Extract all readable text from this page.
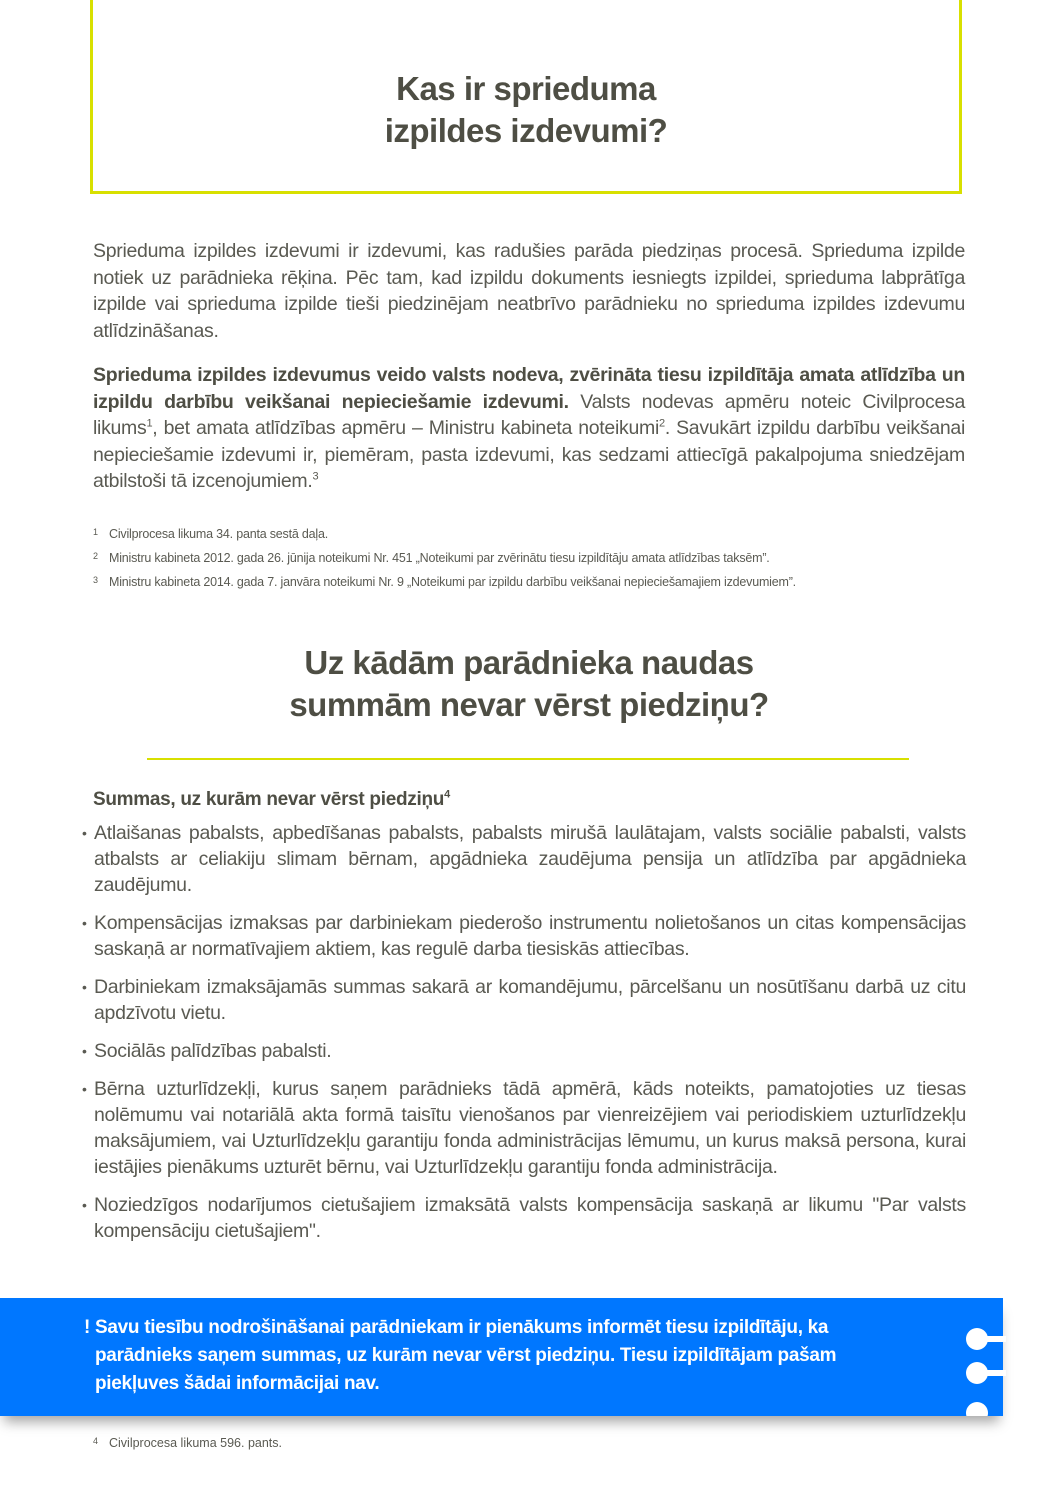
Kas ir sprieduma
izpildes izdevumi?

Sprieduma izpildes izdevumi ir izdevumi, kas radušies parāda piedziņas procesā. Sprieduma izpilde notiek uz parādnieka rēķina. Pēc tam, kad izpildu dokuments iesniegts izpildei, sprieduma labprātīga izpilde vai sprieduma izpilde tieši piedzinējam neatbrīvo parādnieku no sprieduma izpildes izdevumu atlīdzināšanas.

Sprieduma izpildes izdevumus veido valsts nodeva, zvērināta tiesu izpildītāja amata atlīdzība un izpildu darbību veikšanai nepieciešamie izdevumi. Valsts nodevas apmēru noteic Civilprocesa likums$^1$, bet amata atlīdzības apmēru – Ministru kabineta noteikumi$^2$. Savukārt izpildu darbību veikšanai nepieciešamie izdevumi ir, piemēram, pasta izdevumi, kas sedzami attiecīgā pakalpojuma sniedzējam atbilstoši tā izcenojumiem.$^3$

1 Civilprocesa likuma 34. panta sestā daļa.
2 Ministru kabineta 2012. gada 26. jūnija noteikumi Nr. 451 „Noteikumi par zvērinātu tiesu izpildītāju amata atlīdzības taksēm”.
3 Ministru kabineta 2014. gada 7. janvāra noteikumi Nr. 9 „Noteikumi par izpildu darbību veikšanai nepieciešamajiem izdevumiem”.
Uz kādām parādnieka naudas
summām nevar vērst piedziņu?
Summas, uz kurām nevar vērst piedziņu$^4$
• Atlaišanas pabalsts, apbedīšanas pabalsts, pabalsts mirušā laulātajam, valsts sociālie pabalsti, valsts atbalsts ar celiakiju slimam bērnam, apgādnieka zaudējuma pensija un atlīdzība par apgādnieka zaudējumu.
• Kompensācijas izmaksas par darbiniekam piederošo instrumentu nolietošanos un citas kompensācijas saskaņā ar normatīvajiem aktiem, kas regulē darba tiesiskās attiecības.
• Darbiniekam izmaksājamās summas sakarā ar komandējumu, pārcelšanu un nosūtīšanu darbā uz citu apdzīvotu vietu.
• Sociālās palīdzības pabalsti.
• Bērna uzturlīdzekļi, kurus saņem parādnieks tādā apmērā, kāds noteikts, pamatojoties uz tiesas nolēmumu vai notariālā akta formā taisītu vienošanos par vienreizējiem vai periodiskiem uzturlīdzekļu maksājumiem, vai Uzturlīdzekļu garantiju fonda administrācijas lēmumu, un kurus maksā persona, kurai iestājies pienākums uzturēt bērnu, vai Uzturlīdzekļu garantiju fonda administrācija.
• Noziedzīgos nodarījumos cietušajiem izmaksātā valsts kompensācija saskaņā ar likumu "Par valsts kompensāciju cietušajiem".
! Savu tiesību nodrošināšanai parādniekam ir pienākums informēt tiesu izpildītāju, ka
parādnieks saņem summas, uz kurām nevar vērst piedziņu. Tiesu izpildītājam pašam
piekļuves šādai informācijai nav.
4 Civilprocesa likuma 596. pants.
